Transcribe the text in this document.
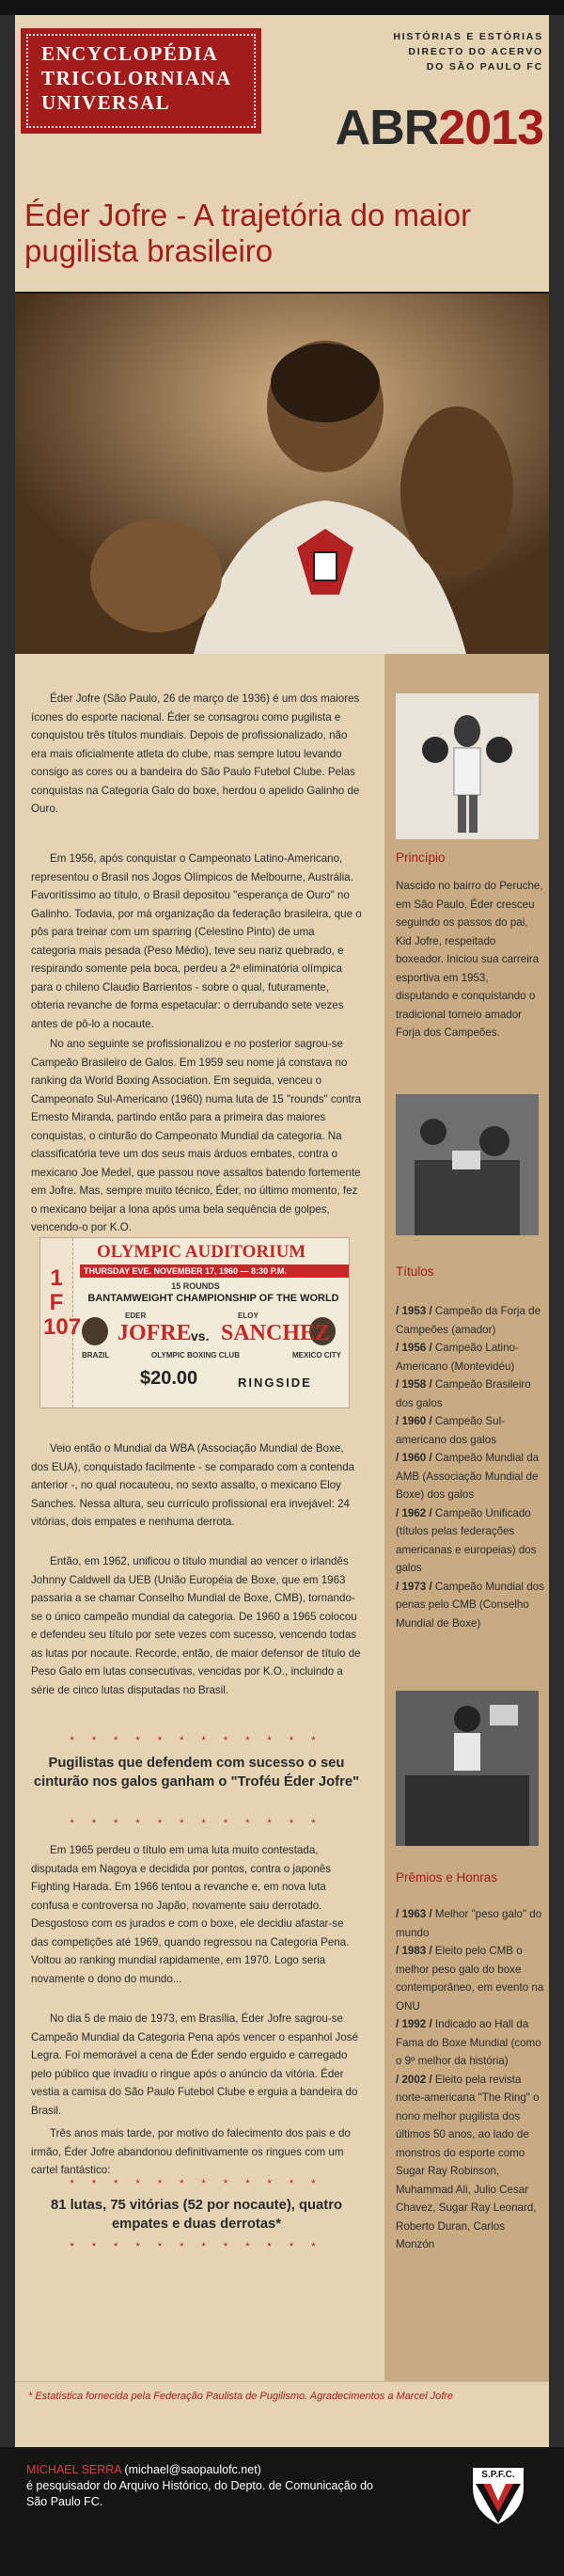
ENCYCLOPÉDIA
TRICOLORNIANA
UNIVERSAL
HISTÓRIAS E ESTÓRIAS
DIRECTO DO ACERVO
DO SÃO PAULO FC
ABR2013
Éder Jofre - A trajetória do maior pugilista brasileiro

Éder Jofre (São Paulo, 26 de março de 1936) é um dos maiores ícones do esporte nacional. Éder se consagrou como pugilista e conquistou três títulos mundiais. Depois de profissionalizado, não era mais oficialmente atleta do clube, mas sempre lutou levando consigo as cores ou a bandeira do São Paulo Futebol Clube. Pelas conquistas na Categoria Galo do boxe, herdou o apelido Galinho de Ouro.

Em 1956, após conquistar o Campeonato Latino-Americano, representou o Brasil nos Jogos Olímpicos de Melbourne, Austrália. Favoritíssimo ao título, o Brasil depositou "esperança de Ouro" no Galinho. Todavia, por má organização da federação brasileira, que o pôs para treinar com um sparring (Celestino Pinto) de uma categoria mais pesada (Peso Médio), teve seu nariz quebrado, e respirando somente pela boca, perdeu a 2ª eliminatória olímpica para o chileno Claudio Barrientos - sobre o qual, futuramente, obteria revanche de forma espetacular: o derrubando sete vezes antes de pô-lo a nocaute.

No ano seguinte se profissionalizou e no posterior sagrou-se Campeão Brasileiro de Galos. Em 1959 seu nome já constava no ranking da World Boxing Association. Em seguida, venceu o Campeonato Sul-Americano (1960) numa luta de 15 "rounds" contra Ernesto Miranda, partindo então para a primeira das maiores conquistas, o cinturão do Campeonato Mundial da categoria. Na classificatória teve um dos seus mais árduos embates, contra o mexicano Joe Medel, que passou nove assaltos batendo fortemente em Jofre. Mas, sempre muito técnico, Éder, no último momento, fez o mexicano beijar a lona após uma bela sequência de golpes, vencendo-o por K.O.

1 F 107
OLYMPIC AUDITORIUM
THURSDAY EVE. NOVEMBER 17, 1960 — 8:30 P.M.
15 ROUNDS
BANTAMWEIGHT CHAMPIONSHIP OF THE WORLD
EDER	ELOY
JOFRE vs. SANCHEZ
BRAZIL	MEXICO CITY
OLYMPIC BOXING CLUB
$20.00	RINGSIDE

Veio então o Mundial da WBA (Associação Mundial de Boxe, dos EUA), conquistado facilmente - se comparado com a contenda anterior -, no qual nocauteou, no sexto assalto, o mexicano Eloy Sanches. Nessa altura, seu currículo profissional era invejável: 24 vitórias, dois empates e nenhuma derrota.

Então, em 1962, unificou o título mundial ao vencer o irlandês Johnny Caldwell da UEB (União Européia de Boxe, que em 1963 passaria a se chamar Conselho Mundial de Boxe, CMB), tornando-se o único campeão mundial da categoria. De 1960 a 1965 colocou e defendeu seu título por sete vezes com sucesso, vencendo todas as lutas por nocaute. Recorde, então, de maior defensor de título de Peso Galo em lutas consecutivas, vencidas por K.O., incluindo a série de cinco lutas disputadas no Brasil.

* * * * * * * * * * * *

Pugilistas que defendem com sucesso o seu cinturão nos galos ganham o "Troféu Éder Jofre"

* * * * * * * * * * * *

Em 1965 perdeu o título em uma luta muito contestada, disputada em Nagoya e decidida por pontos, contra o japonês Fighting Harada. Em 1966 tentou a revanche e, em nova luta confusa e controversa no Japão, novamente saiu derrotado. Desgostoso com os jurados e com o boxe, ele decidiu afastar-se das competições até 1969, quando regressou na Categoria Pena. Voltou ao ranking mundial rapidamente, em 1970. Logo seria novamente o dono do mundo...

No dia 5 de maio de 1973, em Brasília, Éder Jofre sagrou-se Campeão Mundial da Categoria Pena após vencer o espanhol José Legra. Foi memorável a cena de Éder sendo erguido e carregado pelo público que invadiu o ringue após o anúncio da vitória. Éder vestia a camisa do São Paulo Futebol Clube e erguia a bandeira do Brasil.

Três anos mais tarde, por motivo do falecimento dos pais e do irmão, Éder Jofre abandonou definitivamente os ringues com um cartel fantástico:

* * * * * * * * * * * *

81 lutas, 75 vitórias (52 por nocaute), quatro empates e duas derrotas*

* * * * * * * * * * * *
Princípio

Nascido no bairro do Peruche, em São Paulo, Éder cresceu seguindo os passos do pai, Kid Jofre, respeitado boxeador. Iniciou sua carreira esportiva em 1953, disputando e conquistando o tradicional torneio amador Forja dos Campeões.

Títulos

/ 1953 / Campeão da Forja de Campeões (amador)
/ 1956 / Campeão Latino-Americano (Montevidéu)
/ 1958 / Campeão Brasileiro dos galos
/ 1960 / Campeão Sul-americano dos galos
/ 1960 / Campeão Mundial da AMB (Associação Mundial de Boxe) dos galos
/ 1962 / Campeão Unificado (títulos pelas federações americanas e europeias) dos galos
/ 1973 / Campeão Mundial dos penas pelo CMB (Conselho Mundial de Boxe)

Prêmios e Honras

/ 1963 / Melhor "peso galo" do mundo
/ 1983 / Eleito pelo CMB o melhor peso galo do boxe contemporâneo, em evento na ONU
/ 1992 / Indicado ao Hall da Fama do Boxe Mundial (como o 9º melhor da história)
/ 2002 / Eleito pela revista norte-americana "The Ring" o nono melhor pugilista dos últimos 50 anos, ao lado de monstros do esporte como Sugar Ray Robinson, Muhammad Ali, Julio Cesar Chavez, Sugar Ray Leonard, Roberto Duran, Carlos Monzón

* Estatística fornecida pela Federação Paulista de Pugilismo. Agradecimentos a Marcel Jofre

MICHAEL SERRA (michael@saopaulofc.net)
é pesquisador do Arquivo Histórico, do Depto. de Comunicação do São Paulo FC.

S.P.F.C.
